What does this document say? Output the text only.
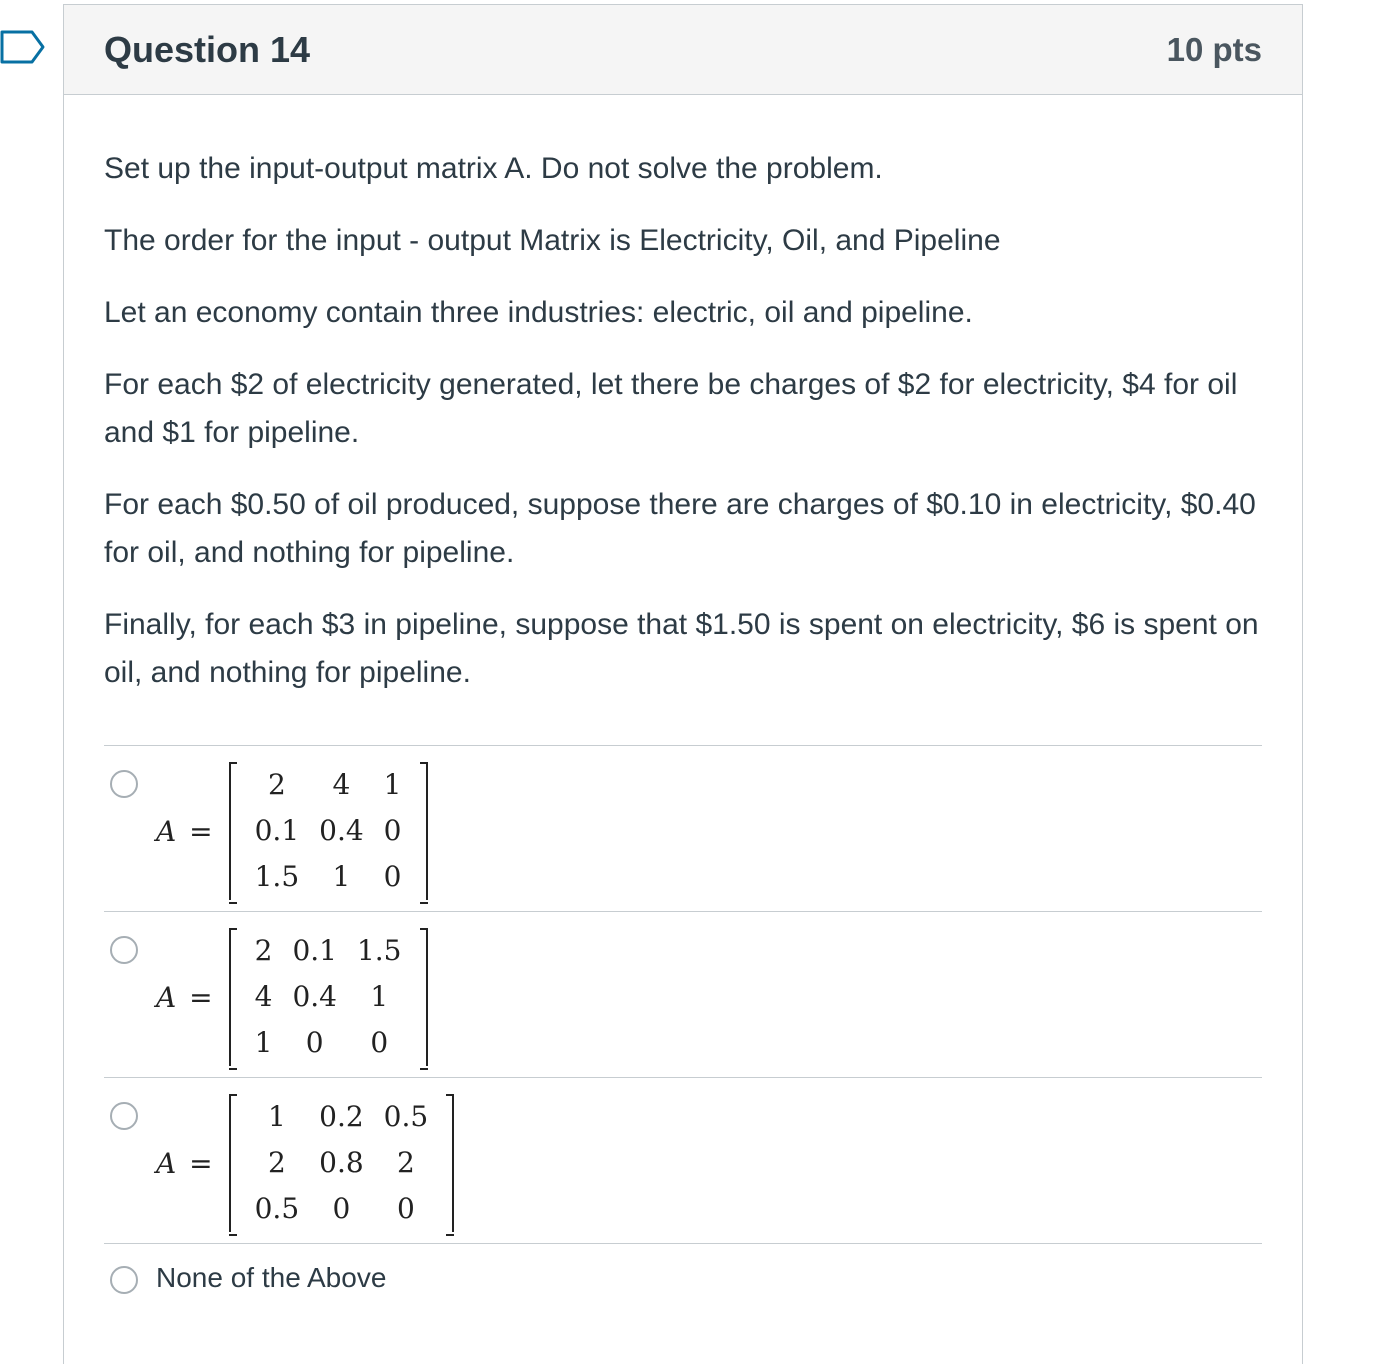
Question 14	10 pts

Set up the input-output matrix A. Do not solve the problem.

The order for the input - output Matrix is Electricity, Oil, and Pipeline

Let an economy contain three industries: electric, oil and pipeline.

For each $2 of electricity generated, let there be charges of $2 for electricity, $4 for oil and $1 for pipeline.

For each $0.50 of oil produced, suppose there are charges of $0.10 in electricity, $0.40 for oil, and nothing for pipeline.

Finally, for each $3 in pipeline, suppose that $1.50 is spent on electricity, $6 is spent on oil, and nothing for pipeline.

A =
2	4	1
0.1	0.4	0
1.5	1	0
A =
2	0.1	1.5
4	0.4	1
1	0	0
A =
1	0.2	0.5
2	0.8	2
0.5	0	0
None of the Above
